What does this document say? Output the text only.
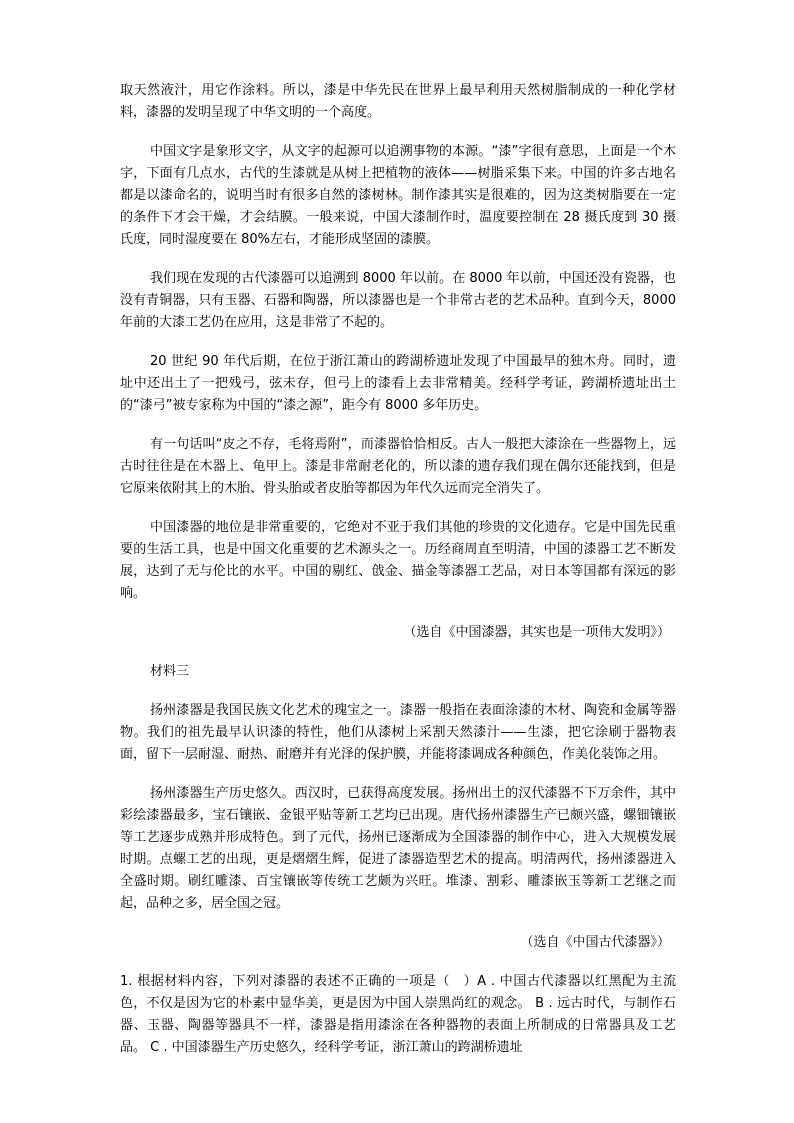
取天然液汁，用它作涂料。所以，漆是中华先民在世界上最早利用天然树脂制成的一种化学材料，漆器的发明呈现了中华文明的一个高度。

中国文字是象形文字，从文字的起源可以追溯事物的本源。“漆”字很有意思，上面是一个木字，下面有几点水，古代的生漆就是从树上把植物的液体——树脂采集下来。中国的许多古地名都是以漆命名的，说明当时有很多自然的漆树林。制作漆其实是很难的，因为这类树脂要在一定的条件下才会干燥，才会结膜。一般来说，中国大漆制作时，温度要控制在 28 摄氏度到 30 摄氏度，同时湿度要在 80%左右，才能形成坚固的漆膜。

我们现在发现的古代漆器可以追溯到 8000 年以前。在 8000 年以前，中国还没有瓷器，也没有青铜器，只有玉器、石器和陶器，所以漆器也是一个非常古老的艺术品种。直到今天，8000 年前的大漆工艺仍在应用，这是非常了不起的。

20 世纪 90 年代后期，在位于浙江萧山的跨湖桥遗址发现了中国最早的独木舟。同时，遗址中还出土了一把残弓，弦未存，但弓上的漆看上去非常精美。经科学考证，跨湖桥遗址出土的“漆弓”被专家称为中国的“漆之源”，距今有 8000 多年历史。

有一句话叫“皮之不存，毛将焉附”，而漆器恰恰相反。古人一般把大漆涂在一些器物上，远古时往往是在木器上、龟甲上。漆是非常耐老化的，所以漆的遗存我们现在偶尔还能找到，但是它原来依附其上的木胎、骨头胎或者皮胎等都因为年代久远而完全消失了。

中国漆器的地位是非常重要的，它绝对不亚于我们其他的珍贵的文化遗存。它是中国先民重要的生活工具，也是中国文化重要的艺术源头之一。历经商周直至明清，中国的漆器工艺不断发展，达到了无与伦比的水平。中国的剔红、戗金、描金等漆器工艺品，对日本等国都有深远的影响。

（选自《中国漆器，其实也是一项伟大发明》）

材料三

扬州漆器是我国民族文化艺术的瑰宝之一。漆器一般指在表面涂漆的木材、陶瓷和金属等器物。我们的祖先最早认识漆的特性，他们从漆树上采割天然漆汁——生漆，把它涂刷于器物表面，留下一层耐湿、耐热、耐磨并有光泽的保护膜，并能将漆调成各种颜色，作美化装饰之用。

扬州漆器生产历史悠久。西汉时，已获得高度发展。扬州出土的汉代漆器不下万余件，其中彩绘漆器最多，宝石镶嵌、金银平贴等新工艺均已出现。唐代扬州漆器生产已颇兴盛，螺钿镶嵌等工艺逐步成熟并形成特色。到了元代，扬州已逐渐成为全国漆器的制作中心，进入大规模发展时期。点螺工艺的出现，更是熠熠生辉，促进了漆器造型艺术的提高。明清两代，扬州漆器进入全盛时期。刷红雕漆、百宝镶嵌等传统工艺颇为兴旺。堆漆、割彩、雕漆嵌玉等新工艺继之而起，品种之多，居全国之冠。

（选自《中国古代漆器》）

1. 根据材料内容，下列对漆器的表述不正确的一项是（　）A . 中国古代漆器以红黑配为主流色，不仅是因为它的朴素中显华美，更是因为中国人崇黑尚红的观念。 B . 远古时代，与制作石器、玉器、陶器等器具不一样，漆器是指用漆涂在各种器物的表面上所制成的日常器具及工艺品。 C . 中国漆器生产历史悠久，经科学考证，浙江萧山的跨湖桥遗址
